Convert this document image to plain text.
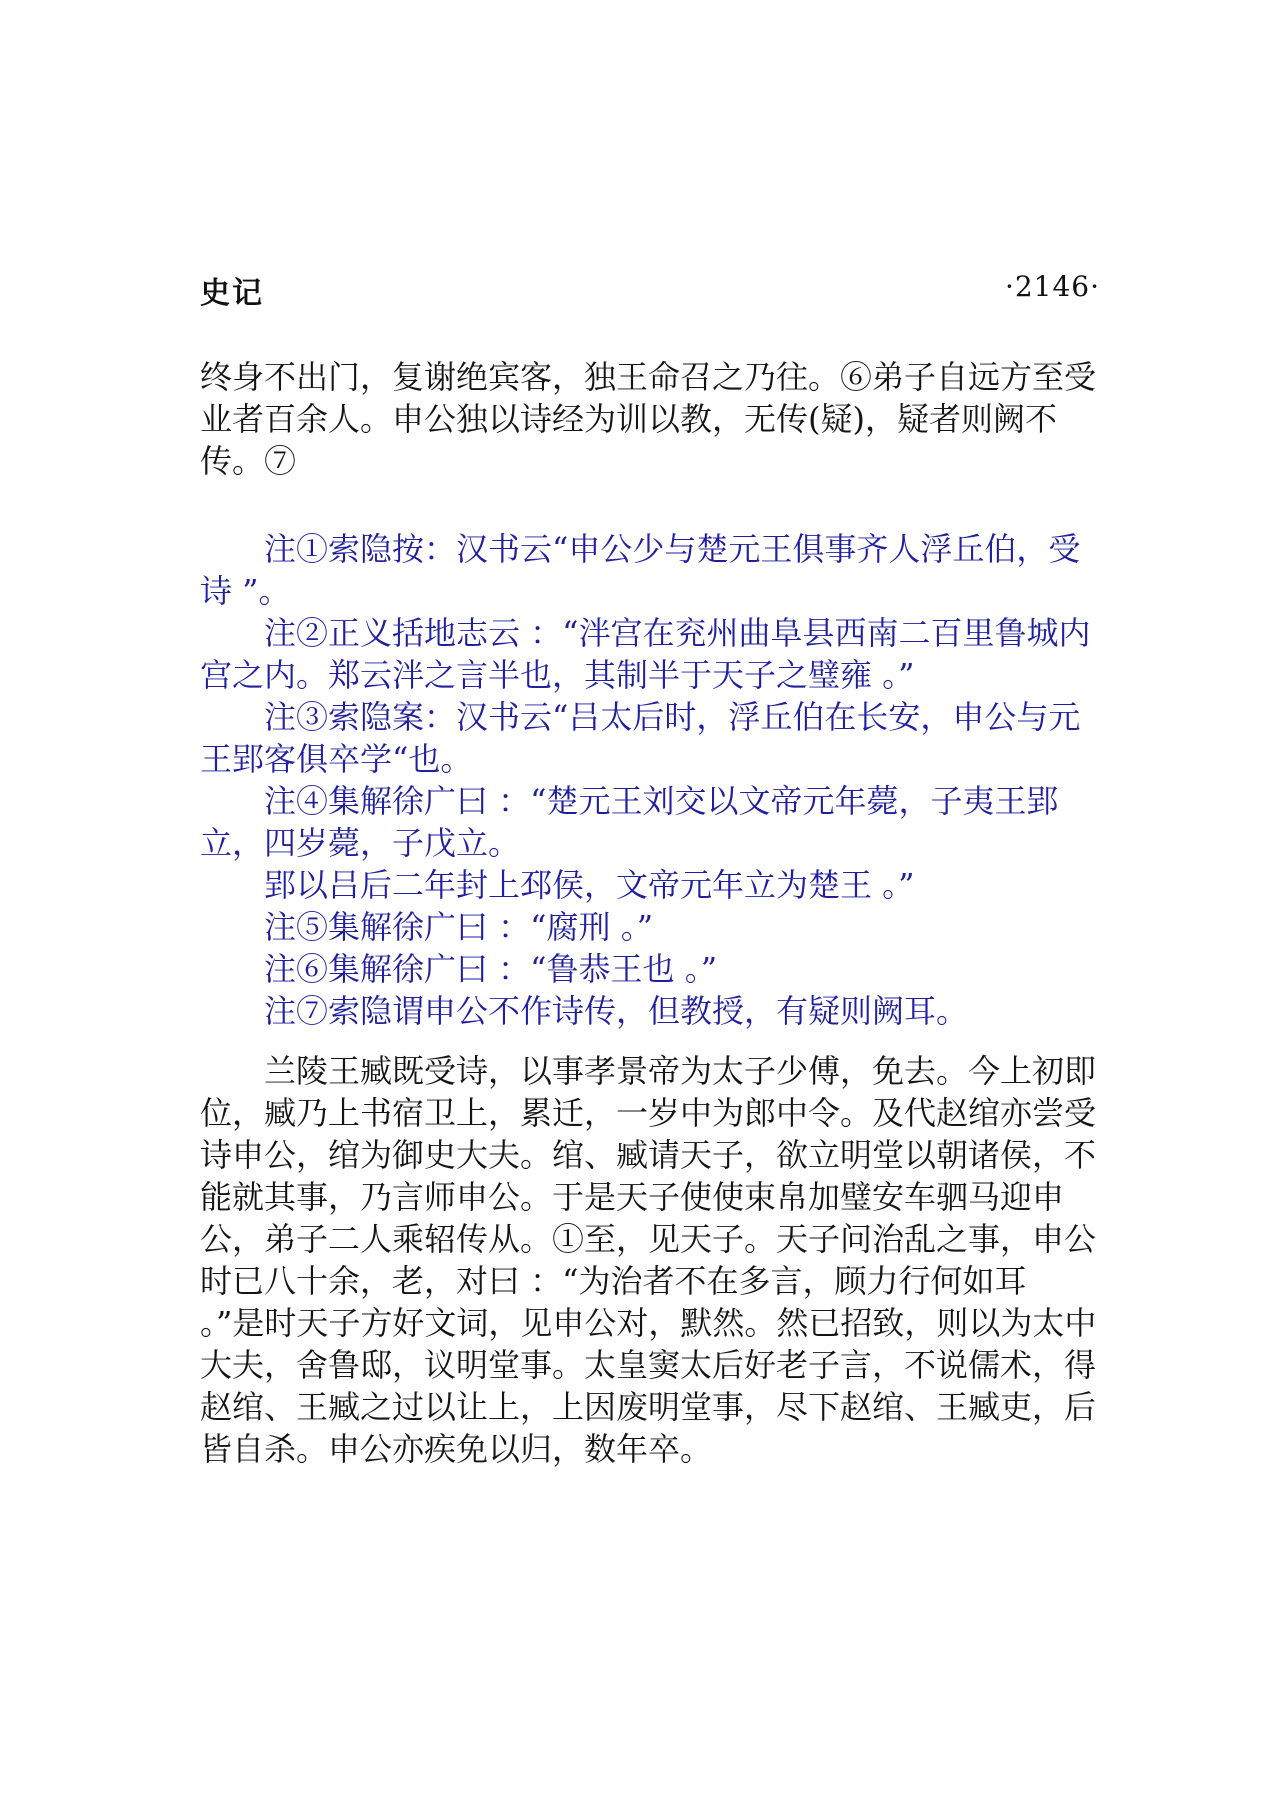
史记	·2146·

终身不出门，复谢绝宾客，独王命召之乃往。⑥弟子自远方至受业者百余人。申公独以诗经为训以教，无传(疑)，疑者则阙不传。⑦

注①索隐按：汉书云“申公少与楚元王俱事齐人浮丘伯，受诗 ”。
注②正义括地志云 ：“泮宫在兖州曲阜县西南二百里鲁城内宫之内。郑云泮之言半也，其制半于天子之璧雍 。”
注③索隐案：汉书云“吕太后时，浮丘伯在长安，申公与元王郢客俱卒学“也。
注④集解徐广曰 ：“楚元王刘交以文帝元年薨，子夷王郢立，四岁薨，子戊立。
郢以吕后二年封上邳侯，文帝元年立为楚王 。”
注⑤集解徐广曰 ：“腐刑 。”
注⑥集解徐广曰 ：“鲁恭王也 。”
注⑦索隐谓申公不作诗传，但教授，有疑则阙耳。

兰陵王臧既受诗，以事孝景帝为太子少傅，免去。今上初即位，臧乃上书宿卫上，累迁，一岁中为郎中令。及代赵绾亦尝受诗申公，绾为御史大夫。绾、臧请天子，欲立明堂以朝诸侯，不能就其事，乃言师申公。于是天子使使束帛加璧安车驷马迎申公，弟子二人乘轺传从。①至，见天子。天子问治乱之事，申公时已八十余，老，对曰 ：“为治者不在多言，顾力行何如耳 。”是时天子方好文词，见申公对，默然。然已招致，则以为太中大夫，舍鲁邸，议明堂事。太皇窦太后好老子言，不说儒术，得赵绾、王臧之过以让上，上因废明堂事，尽下赵绾、王臧吏，后皆自杀。申公亦疾免以归，数年卒。
